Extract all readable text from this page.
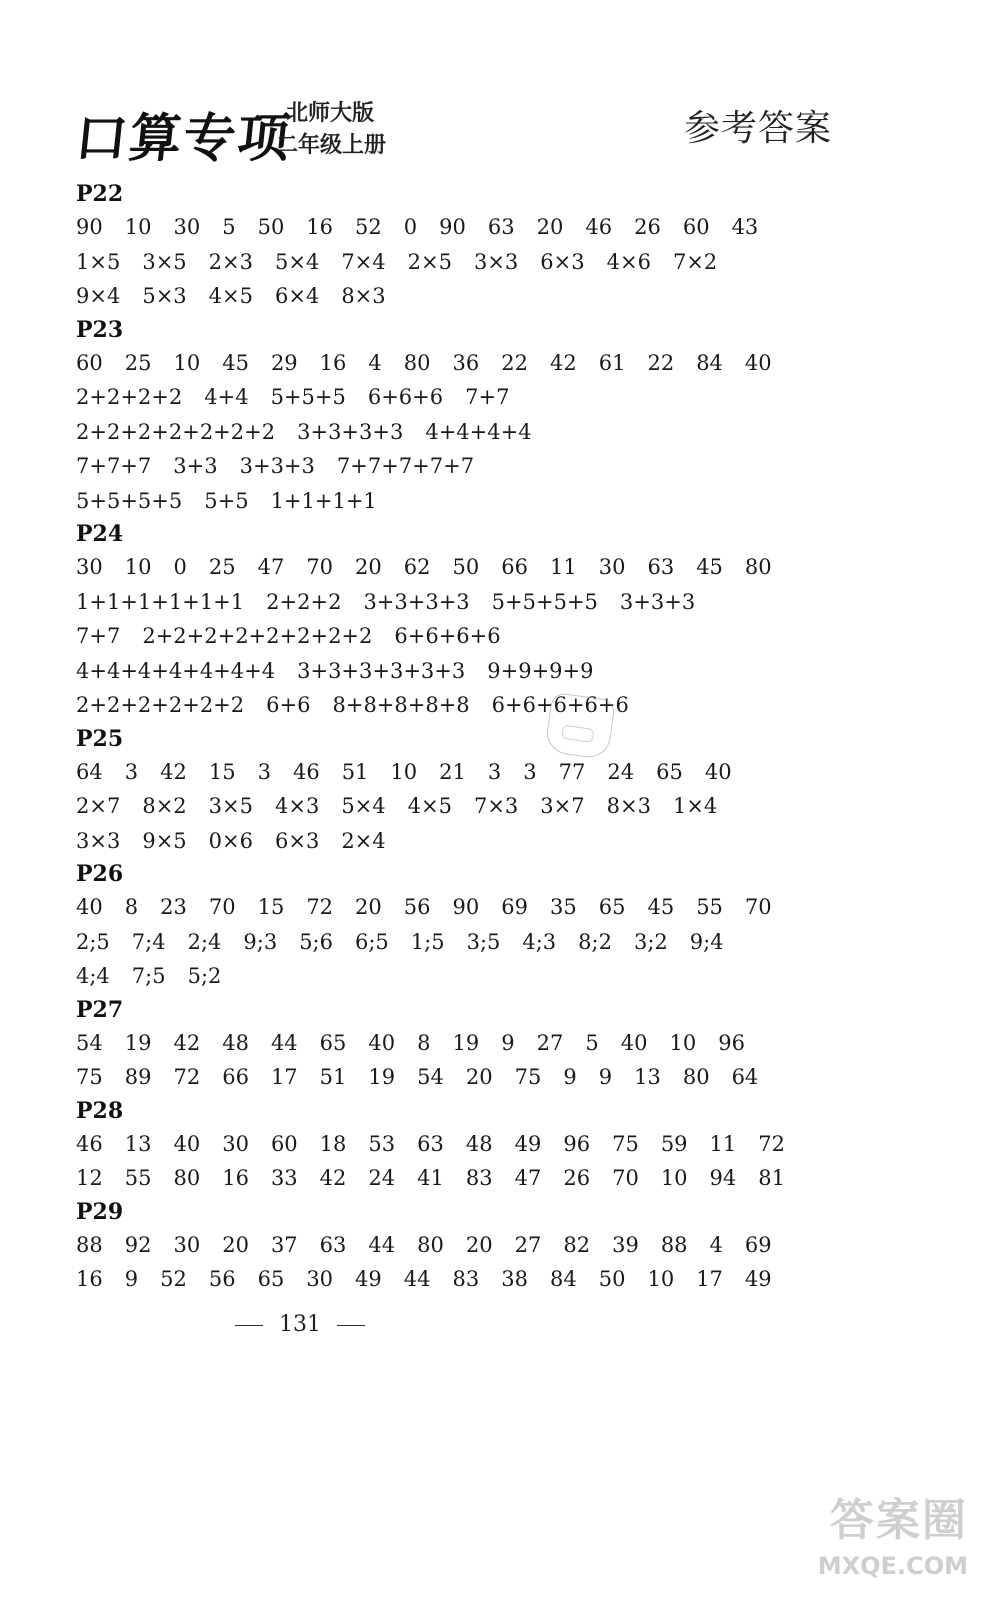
口算专项
北师大版
二年级上册	参考答案
P22
90 10 30 5 50 16 52 0 90 63 20 46 26 60 43
1×5 3×5 2×3 5×4 7×4 2×5 3×3 6×3 4×6 7×2
9×4 5×3 4×5 6×4 8×3
P23
60 25 10 45 29 16 4 80 36 22 42 61 22 84 40
2+2+2+2 4+4 5+5+5 6+6+6 7+7
2+2+2+2+2+2+2 3+3+3+3 4+4+4+4
7+7+7 3+3 3+3+3 7+7+7+7+7
5+5+5+5 5+5 1+1+1+1
P24
30 10 0 25 47 70 20 62 50 66 11 30 63 45 80
1+1+1+1+1+1 2+2+2 3+3+3+3 5+5+5+5 3+3+3
7+7 2+2+2+2+2+2+2+2 6+6+6+6
4+4+4+4+4+4+4 3+3+3+3+3+3 9+9+9+9
2+2+2+2+2+2 6+6 8+8+8+8+8 6+6+6+6+6
P25
64 3 42 15 3 46 51 10 21 3 3 77 24 65 40
2×7 8×2 3×5 4×3 5×4 4×5 7×3 3×7 8×3 1×4
3×3 9×5 0×6 6×3 2×4
P26
40 8 23 70 15 72 20 56 90 69 35 65 45 55 70
2;5 7;4 2;4 9;3 5;6 6;5 1;5 3;5 4;3 8;2 3;2 9;4
4;4 7;5 5;2
P27
54 19 42 48 44 65 40 8 19 9 27 5 40 10 96
75 89 72 66 17 51 19 54 20 75 9 9 13 80 64
P28
46 13 40 30 60 18 53 63 48 49 96 75 59 11 72
12 55 80 16 33 42 24 41 83 47 26 70 10 94 81
P29
88 92 30 20 37 63 44 80 20 27 82 39 88 4 69
16 9 52 56 65 30 49 44 83 38 84 50 10 17 49
131
答案圈
MXQE.COM
